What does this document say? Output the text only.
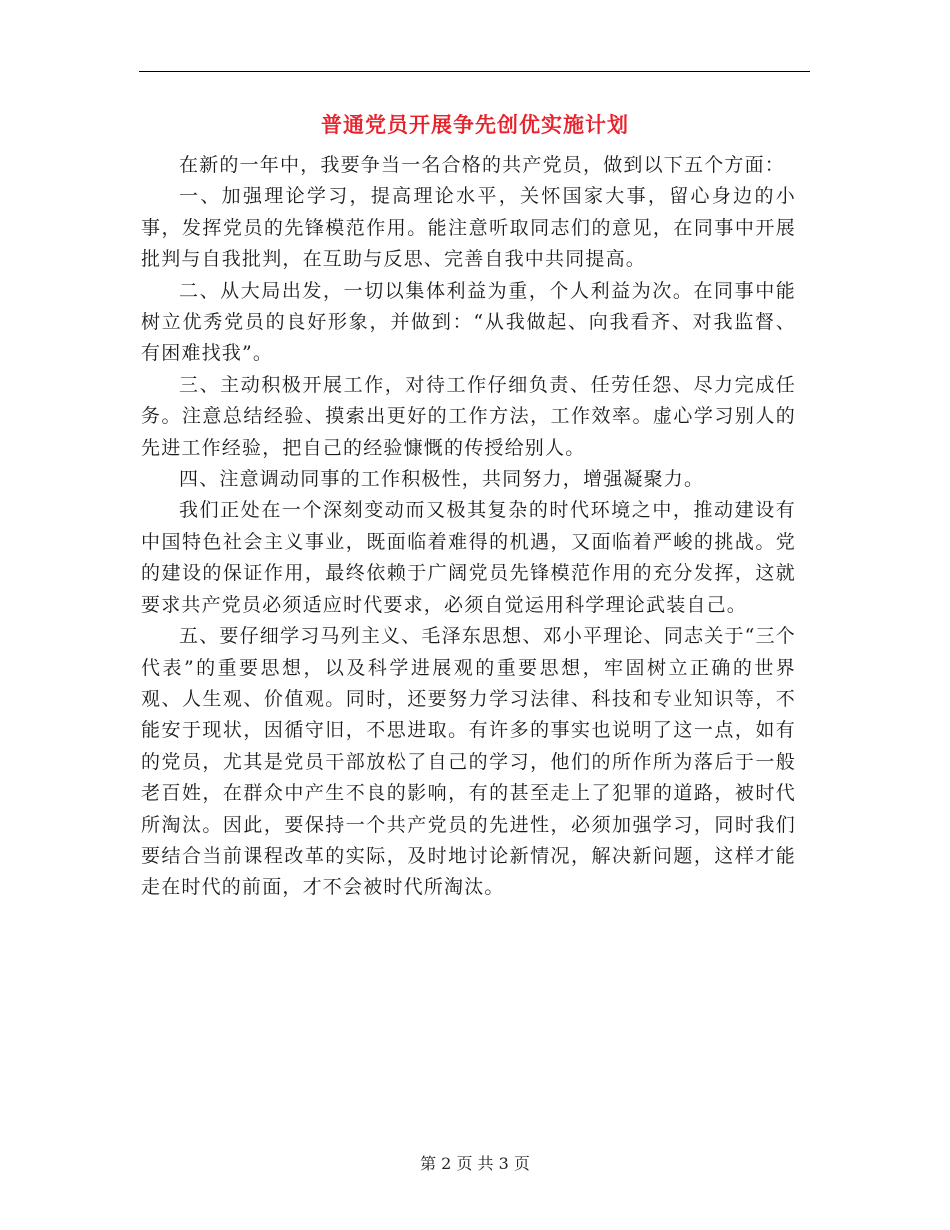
普通党员开展争先创优实施计划

在新的一年中，我要争当一名合格的共产党员，做到以下五个方面：

一、加强理论学习，提高理论水平，关怀国家大事，留心身边的小事，发挥党员的先锋模范作用。能注意听取同志们的意见，在同事中开展批判与自我批判，在互助与反思、完善自我中共同提高。

二、从大局出发，一切以集体利益为重，个人利益为次。在同事中能树立优秀党员的良好形象，并做到：“从我做起、向我看齐、对我监督、有困难找我”。

三、主动积极开展工作，对待工作仔细负责、任劳任怨、尽力完成任务。注意总结经验、摸索出更好的工作方法，工作效率。虚心学习别人的先进工作经验，把自己的经验慷慨的传授给别人。

四、注意调动同事的工作积极性，共同努力，增强凝聚力。

我们正处在一个深刻变动而又极其复杂的时代环境之中，推动建设有中国特色社会主义事业，既面临着难得的机遇，又面临着严峻的挑战。党的建设的保证作用，最终依赖于广阔党员先锋模范作用的充分发挥，这就要求共产党员必须适应时代要求，必须自觉运用科学理论武装自己。

五、要仔细学习马列主义、毛泽东思想、邓小平理论、同志关于“三个代表”的重要思想，以及科学进展观的重要思想，牢固树立正确的世界观、人生观、价值观。同时，还要努力学习法律、科技和专业知识等，不能安于现状，因循守旧，不思进取。有许多的事实也说明了这一点，如有的党员，尤其是党员干部放松了自己的学习，他们的所作所为落后于一般老百姓，在群众中产生不良的影响，有的甚至走上了犯罪的道路，被时代所淘汰。因此，要保持一个共产党员的先进性，必须加强学习，同时我们要结合当前课程改革的实际，及时地讨论新情况，解决新问题，这样才能走在时代的前面，才不会被时代所淘汰。

第 2 页 共 3 页
